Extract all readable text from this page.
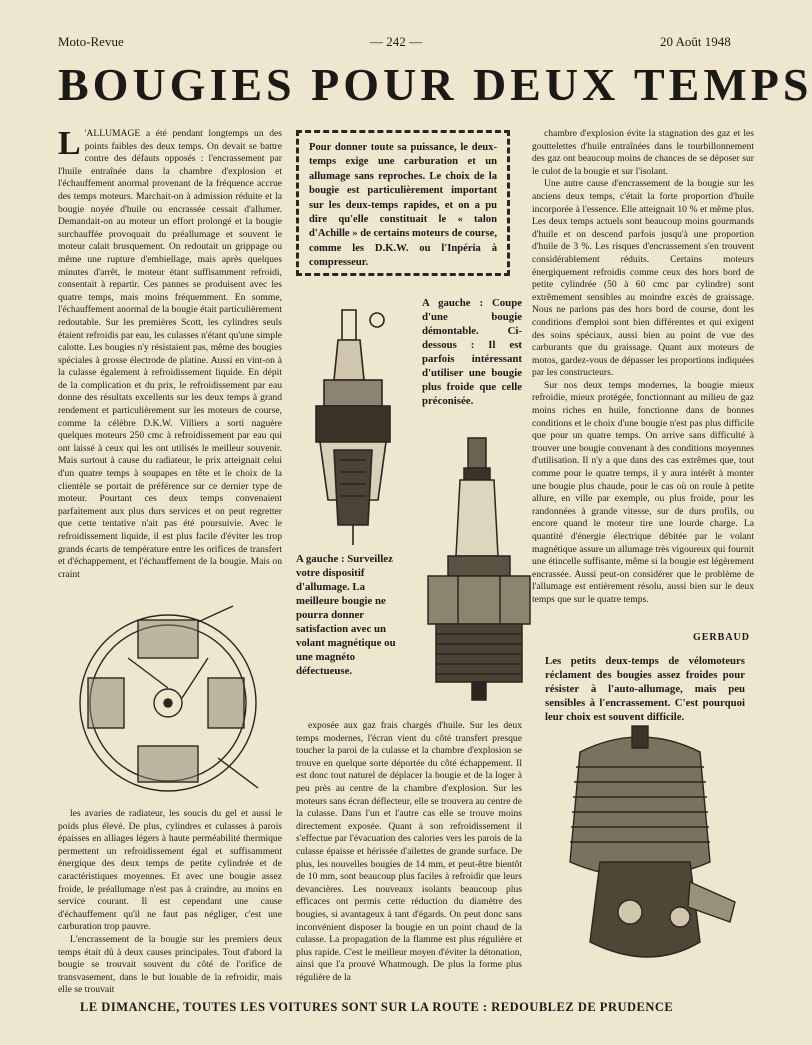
Moto-Revue	— 242 —	20 Août 1948
BOUGIES POUR DEUX TEMPS
L 'ALLUMAGE a été pendant longtemps un des points faibles des deux temps. On devait se battre contre des défauts opposés : l'encrassement par l'huile entraînée dans la chambre d'explosion et l'échauffement anormal provenant de la fréquence accrue des temps moteurs. Marchait-on à admission réduite et la bougie noyée d'huile ou encrassée cessait d'allumer. Demandait-on au moteur un effort prolongé et la bougie surchauffée provoquait du préallumage et souvent le moteur calait brusquement. On redoutait un grippage ou même une rupture d'embiellage, mais après quelques minutes d'arrêt, le moteur étant suffisamment refroidi, consentait à repartir. Ces pannes se produisent avec les quatre temps, mais moins fréquemment. En somme, l'échauffement anormal de la bougie était particulièrement redoutable. Sur les premières Scott, les cylindres seuls étaient refroidis par eau, les culasses n'étant qu'une simple calotte. Les bougies n'y résistaient pas, même des bougies spéciales à grosse électrode de platine. Aussi en vint-on à la culasse également à refroidissement liquide. En dépit de la complication et du prix, le refroidissement par eau donne des résultats excellents sur les deux temps à grand rendement et particulièrement sur les moteurs de course, comme la célèbre D.K.W. Villiers a sorti naguère quelques moteurs 250 cmc à refroidissement par eau qui ont laissé à ceux qui les ont utilisés le meilleur souvenir. Mais surtout à cause du radiateur, le prix atteignait celui d'un quatre temps à soupapes en tête et le choix de la clientèle se portait de préférence sur ce dernier type de moteur. Pourtant ces deux temps convenaient parfaitement aux plus durs services et on peut regretter que cette tentative n'ait pas été poursuivie. Avec le refroidissement liquide, il est plus facile d'éviter les trop grands écarts de température entre les orifices de transfert et d'échappement, et l'échauffement de la bougie. Mais on craint
Pour donner toute sa puissance, le deux-temps exige une carburation et un allumage sans reproches. Le choix de la bougie est particulièrement important sur les deux-temps rapides, et on a pu dire qu'elle constituait le « talon d'Achille » de certains moteurs de course, comme les D.K.W. ou l'Inpéria à compresseur.
A gauche : Coupe d'une bougie démontable. Ci-dessous : Il est parfois intéressant d'utiliser une bougie plus froide que celle préconisée.
A gauche : Surveillez votre dispositif d'allumage. La meilleure bougie ne pourra donner satisfaction avec un volant magnétique ou une magnéto défectueuse.

les avaries de radiateur, les soucis du gel et aussi le poids plus élevé. De plus, cylindres et culasses à parois épaisses en alliages légers à haute perméabilité thermique permettent un refroidissement égal et suffisamment énergique des deux temps de petite cylindrée et de caractéristiques moyennes. Et avec une bougie assez froide, le préallumage n'est pas à craindre, au moins en service courant. Il est cependant une cause d'échauffement qu'il ne faut pas négliger, c'est une carburation trop pauvre.

L'encrassement de la bougie sur les premiers deux temps était dû à deux causes principales. Tout d'abord la bougie se trouvait souvent du côté de l'orifice de transvasement, dans le but louable de la refroidir, mais elle se trouvait

exposée aux gaz frais chargés d'huile. Sur les deux temps modernes, l'écran vient du côté transfert presque toucher la paroi de la culasse et la chambre d'explosion se trouve en quelque sorte déportée du côté échappement. Il est donc tout naturel de déplacer la bougie et de la loger à peu près au centre de la chambre d'explosion. Sur les moteurs sans écran déflecteur, elle se trouvera au centre de la culasse. Dans l'un et l'autre cas elle se trouve moins directement exposée. Quant à son refroidissement il s'effectue par l'évacuation des calories vers les parois de la culasse épaisse et hérissée d'ailettes de grande surface. De plus, les nouvelles bougies de 14 mm, et peut-être bientôt de 10 mm, sont beaucoup plus faciles à refroidir que leurs devancières. Les nouveaux isolants beaucoup plus efficaces ont permis cette réduction du diamètre des bougies, si avantageux à tant d'égards. On peut donc sans inconvénient disposer la bougie en un point chaud de la culasse. La propagation de la flamme est plus régulière et plus rapide. C'est le meilleur moyen d'éviter la détonation, ainsi que l'a prouvé Whatmough. De plus la forme plus régulière de la

chambre d'explosion évite la stagnation des gaz et les gouttelettes d'huile entraînées dans le tourbillonnement des gaz ont beaucoup moins de chances de se déposer sur le culot de la bougie et sur l'isolant.

Une autre cause d'encrassement de la bougie sur les anciens deux temps, c'était la forte proportion d'huile incorporée à l'essence. Elle atteignait 10 % et même plus. Les deux temps actuels sont beaucoup moins gourmands d'huile et on descend parfois jusqu'à une proportion d'huile de 3 %. Les risques d'encrassement s'en trouvent considérablement réduits. Certains moteurs énergiquement refroidis comme ceux des hors bord de petite cylindrée (50 à 60 cmc par cylindre) sont extrêmement sensibles au moindre excès de graissage. Nous ne parlons pas des hors bord de course, dont les conditions d'emploi sont bien différentes et qui exigent des soins spéciaux, aussi bien au point de vue des carburants que du graissage. Quant aux moteurs de motos, gardez-vous de dépasser les proportions indiquées par les constructeurs.

Sur nos deux temps modernes, la bougie mieux refroidie, mieux protégée, fonctionnant au milieu de gaz moins riches en huile, fonctionne dans de bonnes conditions et le choix d'une bougie n'est pas plus difficile que pour un quatre temps. On arrive sans difficulté à trouver une bougie convenant à des conditions moyennes d'utilisation. Il n'y a que dans des cas extrêmes que, tout comme pour le quatre temps, il y aura intérêt à monter une bougie plus chaude, pour le cas où on roule à petite allure, en ville par exemple, ou plus froide, pour les randonnées à grande vitesse, sur de durs profils, ou encore quand le moteur tire une lourde charge. La quantité d'énergie électrique débitée par le volant magnétique assure un allumage très vigoureux qui fournit une étincelle suffisante, même si la bougie est légèrement encrassée. Aussi peut-on considérer que le problème de l'allumage est entièrement résolu, aussi bien sur le deux temps que sur le quatre temps.

GERBAUD
Les petits deux-temps de vélomoteurs réclament des bougies assez froides pour résister à l'auto-allumage, mais peu sensibles à l'encrassement. C'est pourquoi leur choix est souvent difficile.
LE DIMANCHE, TOUTES LES VOITURES SONT SUR LA ROUTE : REDOUBLEZ DE PRUDENCE
